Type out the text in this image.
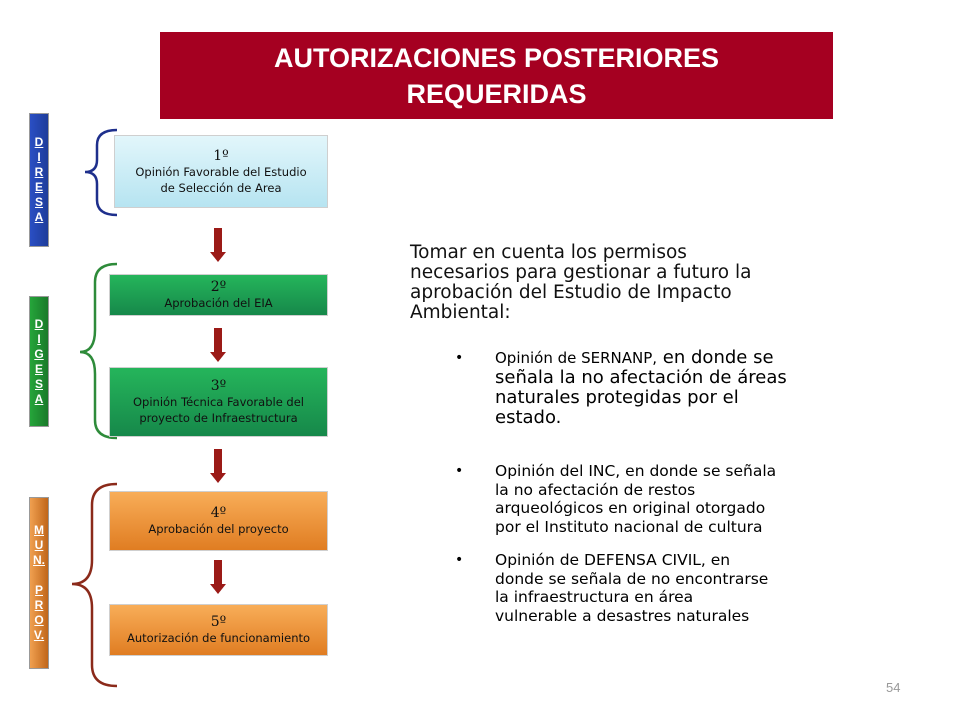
AUTORIZACIONES POSTERIORES
REQUERIDAS
D
I
R
E
S
A
D
I
G
E
S
A
M
U
N.
P
R
O
V.
1º
Opinión Favorable del Estudio
de Selección de Area
2º
Aprobación del EIA
3º
Opinión Técnica Favorable del
proyecto de Infraestructura
4º
Aprobación del proyecto
5º
Autorización de funcionamiento
Tomar en cuenta los permisos
necesarios para gestionar a futuro la
aprobación del Estudio de Impacto
Ambiental:
• Opinión de SERNANP, en donde se
señala la no afectación de áreas
naturales protegidas por el
estado.
• Opinión del INC, en donde se señala
la no afectación de restos
arqueológicos en original otorgado
por el Instituto nacional de cultura
• Opinión de DEFENSA CIVIL, en
donde se señala de no encontrarse
la infraestructura en área
vulnerable a desastres naturales
54
